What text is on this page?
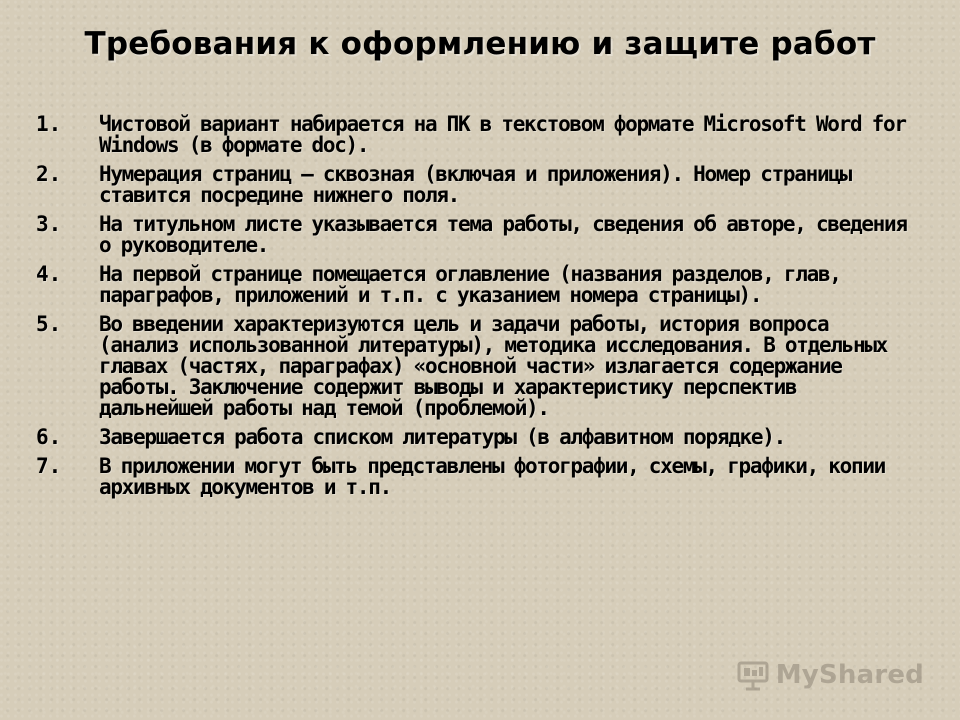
Требования к оформлению и защите работ
1.	Чистовой вариант набирается на ПК в текстовом формате Microsoft Word for Windows (в формате doc).
2.	Нумерация страниц – сквозная (включая и приложения). Номер страницы ставится посредине нижнего поля.
3.	На титульном листе указывается тема работы, сведения об авторе, сведения о руководителе.
4.	На первой странице помещается оглавление (названия разделов, глав, параграфов, приложений и т.п. с указанием номера страницы).
5.	Во введении характеризуются цель и задачи работы, история вопроса (анализ использованной литературы), методика исследования. В отдельных главах (частях, параграфах) «основной части» излагается содержание работы. Заключение содержит выводы и характеристику перспектив дальнейшей работы над темой (проблемой).
6.	Завершается работа списком литературы (в алфавитном порядке).
7.	В приложении могут быть представлены фотографии, схемы, графики, копии архивных документов и т.п.
MyShared
